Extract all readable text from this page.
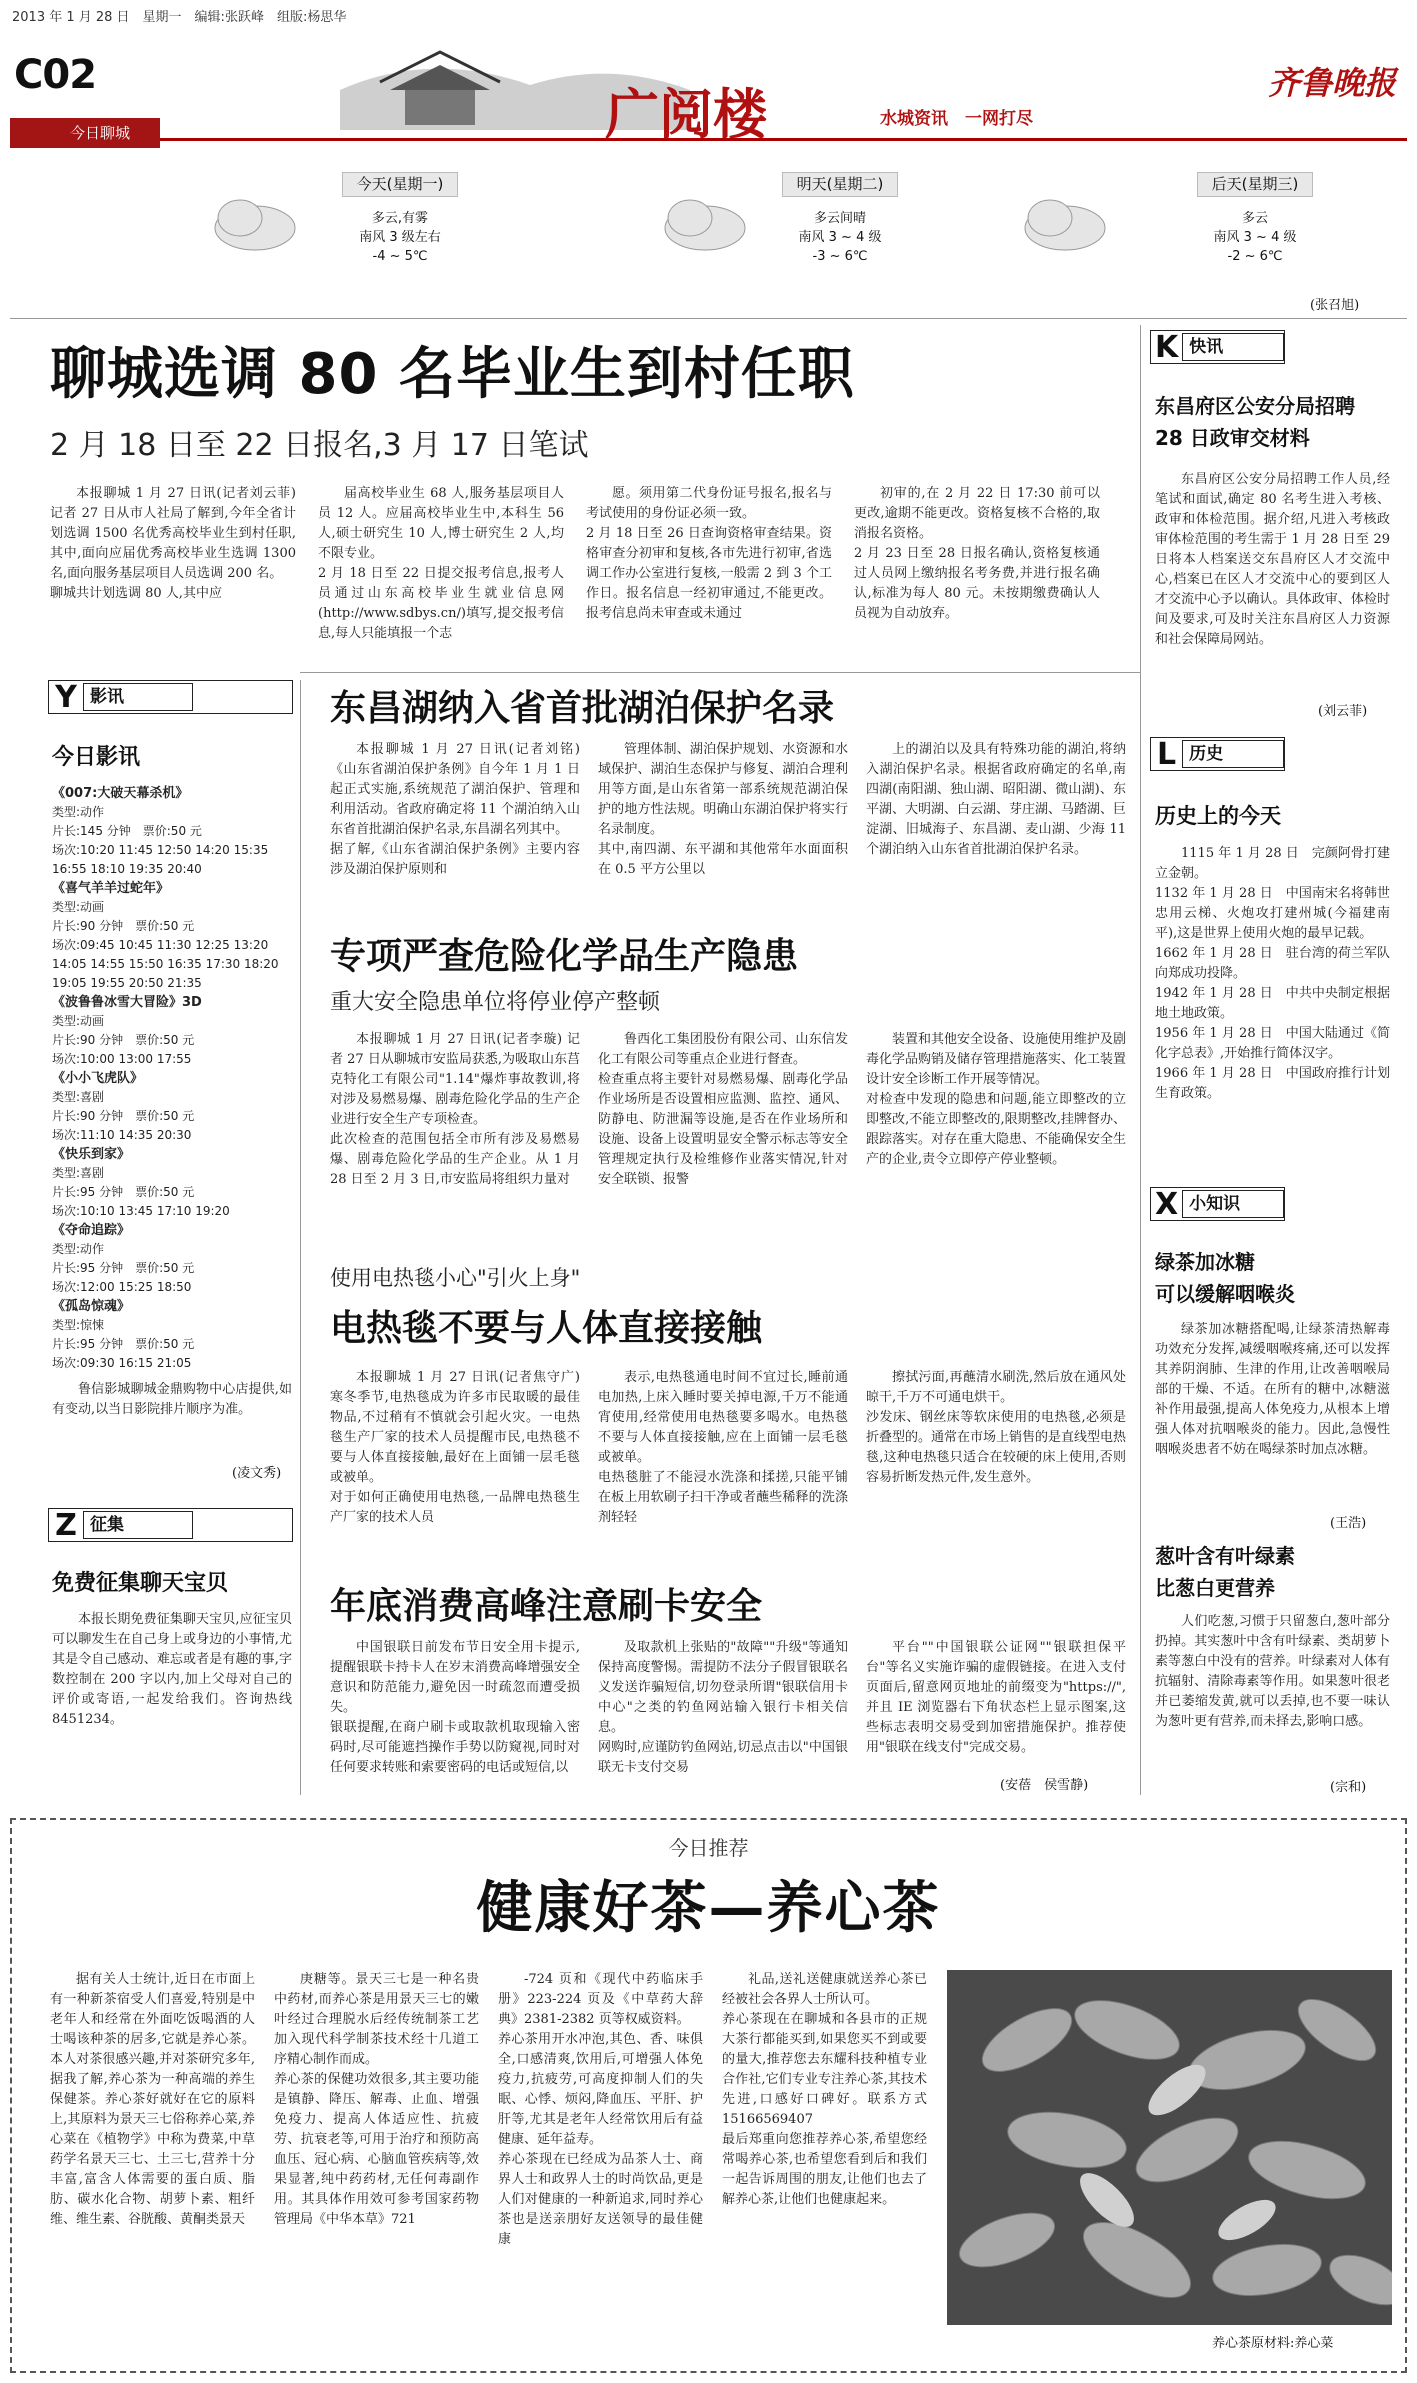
2013 年 1 月 28 日　星期一　编辑:张跃峰　组版:杨思华
C02
今日聊城	广阅楼	水城资讯　一网打尽
齐鲁晚报
今天(星期一)
多云,有雾
南风 3 级左右
-4 ~ 5℃
明天(星期二)
多云间晴
南风 3 ~ 4 级
-3 ~ 6℃
后天(星期三)
多云
南风 3 ~ 4 级
-2 ~ 6℃
(张召旭)
聊城选调 80 名毕业生到村任职
2 月 18 日至 22 日报名,3 月 17 日笔试
本报聊城 1 月 27 日讯(记者刘云菲) 记者 27 日从市人社局了解到,今年全省计划选调 1500 名优秀高校毕业生到村任职,其中,面向应届优秀高校毕业生选调 1300 名,面向服务基层项目人员选调 200 名。
聊城共计划选调 80 人,其中应
届高校毕业生 68 人,服务基层项目人员 12 人。应届高校毕业生中,本科生 56 人,硕士研究生 10 人,博士研究生 2 人,均不限专业。
2 月 18 日至 22 日提交报考信息,报考人员通过山东高校毕业生就业信息网(http://www.sdbys.cn/)填写,提交报考信息,每人只能填报一个志
愿。须用第二代身份证号报名,报名与考试使用的身份证必须一致。
2 月 18 日至 26 日查询资格审查结果。资格审查分初审和复核,各市先进行初审,省选调工作办公室进行复核,一般需 2 到 3 个工作日。报名信息一经初审通过,不能更改。报考信息尚未审查或未通过
初审的,在 2 月 22 日 17:30 前可以更改,逾期不能更改。资格复核不合格的,取消报名资格。
2 月 23 日至 28 日报名确认,资格复核通过人员网上缴纳报名考务费,并进行报名确认,标准为每人 80 元。未按期缴费确认人员视为自动放弃。
K 快讯
东昌府区公安分局招聘
28 日政审交材料
东昌府区公安分局招聘工作人员,经笔试和面试,确定 80 名考生进入考核、政审和体检范围。据介绍,凡进入考核政审体检范围的考生需于 1 月 28 日至 29 日将本人档案送交东昌府区人才交流中心,档案已在区人才交流中心的要到区人才交流中心予以确认。具体政审、体检时间及要求,可及时关注东昌府区人力资源和社会保障局网站。
(刘云菲)
L 历史
历史上的今天
1115 年 1 月 28 日　完颜阿骨打建立金朝。
1132 年 1 月 28 日　中国南宋名将韩世忠用云梯、火炮攻打建州城(今福建南平),这是世界上使用火炮的最早记载。
1662 年 1 月 28 日　驻台湾的荷兰军队向郑成功投降。
1942 年 1 月 28 日　中共中央制定根据地土地政策。
1956 年 1 月 28 日　中国大陆通过《简化字总表》,开始推行简体汉字。
1966 年 1 月 28 日　中国政府推行计划生育政策。
X 小知识
绿茶加冰糖
可以缓解咽喉炎
绿茶加冰糖搭配喝,让绿茶清热解毒功效充分发挥,减缓咽喉疼痛,还可以发挥其养阴润肺、生津的作用,让改善咽喉局部的干燥、不适。在所有的糖中,冰糖滋补作用最强,提高人体免疫力,从根本上增强人体对抗咽喉炎的能力。因此,急慢性咽喉炎患者不妨在喝绿茶时加点冰糖。
(王浩)
葱叶含有叶绿素
比葱白更营养
人们吃葱,习惯于只留葱白,葱叶部分扔掉。其实葱叶中含有叶绿素、类胡萝卜素等葱白中没有的营养。叶绿素对人体有抗辐射、清除毒素等作用。如果葱叶很老并已萎缩发黄,就可以丢掉,也不要一味认为葱叶更有营养,而未择去,影响口感。
(宗和)
Y 影讯
今日影讯
《007:大破天幕杀机》
类型:动作
片长:145 分钟　票价:50 元
场次:10:20 11:45 12:50 14:20 15:35
16:55 18:10 19:35 20:40
《喜气羊羊过蛇年》
类型:动画
片长:90 分钟　票价:50 元
场次:09:45 10:45 11:30 12:25 13:20
14:05 14:55 15:50 16:35 17:30 18:20
19:05 19:55 20:50 21:35
《波鲁鲁冰雪大冒险》3D
类型:动画
片长:90 分钟　票价:50 元
场次:10:00 13:00 17:55
《小小飞虎队》
类型:喜剧
片长:90 分钟　票价:50 元
场次:11:10 14:35 20:30
《快乐到家》
类型:喜剧
片长:95 分钟　票价:50 元
场次:10:10 13:45 17:10 19:20
《夺命追踪》
类型:动作
片长:95 分钟　票价:50 元
场次:12:00 15:25 18:50
《孤岛惊魂》
类型:惊悚
片长:95 分钟　票价:50 元
场次:09:30 16:15 21:05
鲁信影城聊城金鼎购物中心店提供,如有变动,以当日影院排片顺序为准。
(凌文秀)
Z 征集
免费征集聊天宝贝
本报长期免费征集聊天宝贝,应征宝贝可以聊发生在自己身上或身边的小事情,尤其是令自己感动、难忘或者是有趣的事,字数控制在 200 字以内,加上父母对自己的评价或寄语,一起发给我们。咨询热线 8451234。
东昌湖纳入省首批湖泊保护名录
本报聊城 1 月 27 日讯(记者刘铭) 《山东省湖泊保护条例》自今年 1 月 1 日起正式实施,系统规范了湖泊保护、管理和利用活动。省政府确定将 11 个湖泊纳入山东省首批湖泊保护名录,东昌湖名列其中。
据了解,《山东省湖泊保护条例》主要内容涉及湖泊保护原则和
管理体制、湖泊保护规划、水资源和水域保护、湖泊生态保护与修复、湖泊合理利用等方面,是山东省第一部系统规范湖泊保护的地方性法规。明确山东湖泊保护将实行名录制度。
其中,南四湖、东平湖和其他常年水面面积在 0.5 平方公里以
上的湖泊以及具有特殊功能的湖泊,将纳入湖泊保护名录。根据省政府确定的名单,南四湖(南阳湖、独山湖、昭阳湖、微山湖)、东平湖、大明湖、白云湖、芽庄湖、马踏湖、巨淀湖、旧城海子、东昌湖、麦山湖、少海 11 个湖泊纳入山东省首批湖泊保护名录。
专项严查危险化学品生产隐患
重大安全隐患单位将停业停产整顿
本报聊城 1 月 27 日讯(记者李璇) 记者 27 日从聊城市安监局获悉,为吸取山东莒克特化工有限公司"1.14"爆炸事故教训,将对涉及易燃易爆、剧毒危险化学品的生产企业进行安全生产专项检查。
此次检查的范围包括全市所有涉及易燃易爆、剧毒危险化学品的生产企业。从 1 月 28 日至 2 月 3 日,市安监局将组织力量对
鲁西化工集团股份有限公司、山东信发化工有限公司等重点企业进行督查。
检查重点将主要针对易燃易爆、剧毒化学品作业场所是否设置相应监测、监控、通风、防静电、防泄漏等设施,是否在作业场所和设施、设备上设置明显安全警示标志等安全管理规定执行及检维修作业落实情况,针对安全联锁、报警
装置和其他安全设备、设施使用维护及剧毒化学品购销及储存管理措施落实、化工装置设计安全诊断工作开展等情况。
对检查中发现的隐患和问题,能立即整改的立即整改,不能立即整改的,限期整改,挂牌督办、跟踪落实。对存在重大隐患、不能确保安全生产的企业,责令立即停产停业整顿。
使用电热毯小心"引火上身"
电热毯不要与人体直接接触
本报聊城 1 月 27 日讯(记者焦守广) 寒冬季节,电热毯成为许多市民取暖的最佳物品,不过稍有不慎就会引起火灾。一电热毯生产厂家的技术人员提醒市民,电热毯不要与人体直接接触,最好在上面铺一层毛毯或被单。
对于如何正确使用电热毯,一品牌电热毯生产厂家的技术人员
表示,电热毯通电时间不宜过长,睡前通电加热,上床入睡时要关掉电源,千万不能通宵使用,经常使用电热毯要多喝水。电热毯不要与人体直接接触,应在上面铺一层毛毯或被单。
电热毯脏了不能浸水洗涤和揉搓,只能平铺在板上用软刷子扫干净或者蘸些稀释的洗涤剂轻轻
擦拭污面,再蘸清水刷洗,然后放在通风处晾干,千万不可通电烘干。
沙发床、钢丝床等软床使用的电热毯,必须是折叠型的。通常在市场上销售的是直线型电热毯,这种电热毯只适合在较硬的床上使用,否则容易折断发热元件,发生意外。
年底消费高峰注意刷卡安全
中国银联日前发布节日安全用卡提示,提醒银联卡持卡人在岁末消费高峰增强安全意识和防范能力,避免因一时疏忽而遭受损失。
银联提醒,在商户刷卡或取款机取现输入密码时,尽可能遮挡操作手势以防窥视,同时对任何要求转账和索要密码的电话或短信,以
及取款机上张贴的"故障""升级"等通知保持高度警惕。需提防不法分子假冒银联名义发送诈骗短信,切勿登录所谓"银联信用卡中心"之类的钓鱼网站输入银行卡相关信息。
网购时,应谨防钓鱼网站,切忌点击以"中国银联无卡支付交易
平台""中国银联公证网""银联担保平台"等名义实施诈骗的虚假链接。在进入支付页面后,留意网页地址的前缀变为"https://",并且 IE 浏览器右下角状态栏上显示图案,这些标志表明交易受到加密措施保护。推荐使用"银联在线支付"完成交易。
(安蓓　侯雪静)
今日推荐
健康好茶—养心茶
据有关人士统计,近日在市面上有一种新茶宿受人们喜爱,特别是中老年人和经常在外面吃饭喝酒的人士喝该种茶的居多,它就是养心茶。本人对茶很感兴趣,并对茶研究多年,据我了解,养心茶为一种高端的养生保健茶。养心茶好就好在它的原料上,其原料为景天三七俗称养心菜,养心菜在《植物学》中称为费菜,中草药学名景天三七、土三七,营养十分丰富,富含人体需要的蛋白质、脂肪、碳水化合物、胡萝卜素、粗纤维、维生素、谷胱酸、黄酮类景天
庚糖等。景天三七是一种名贵中药材,而养心茶是用景天三七的嫩叶经过合理脱水后经传统制茶工艺加入现代科学制茶技术经十几道工序精心制作而成。
养心茶的保健功效很多,其主要功能是镇静、降压、解毒、止血、增强免疫力、提高人体适应性、抗疲劳、抗衰老等,可用于治疗和预防高血压、冠心病、心脑血管疾病等,效果显著,纯中药药材,无任何毒副作用。其具体作用效可参考国家药物管理局《中华本草》721
-724 页和《现代中药临床手册》223-224 页及《中草药大辞典》2381-2382 页等权威资料。
养心茶用开水冲泡,其色、香、味俱全,口感清爽,饮用后,可增强人体免疫力,抗疲劳,可高度抑制人们的失眠、心悸、烦闷,降血压、平肝、护肝等,尤其是老年人经常饮用后有益健康、延年益寿。
养心茶现在已经成为品茶人士、商界人士和政界人士的时尚饮品,更是人们对健康的一种新追求,同时养心茶也是送亲朋好友送领导的最佳健康
礼品,送礼送健康就送养心茶已经被社会各界人士所认可。
养心茶现在在聊城和各县市的正规大茶行都能买到,如果您买不到或要的量大,推荐您去东耀科技种植专业合作社,它们专业专注养心茶,其技术先进,口感好口碑好。联系方式 15166569407
最后郑重向您推荐养心茶,希望您经常喝养心茶,也希望您看到后和我们一起告诉周围的朋友,让他们也去了解养心茶,让他们也健康起来。
养心茶原材料:养心菜
